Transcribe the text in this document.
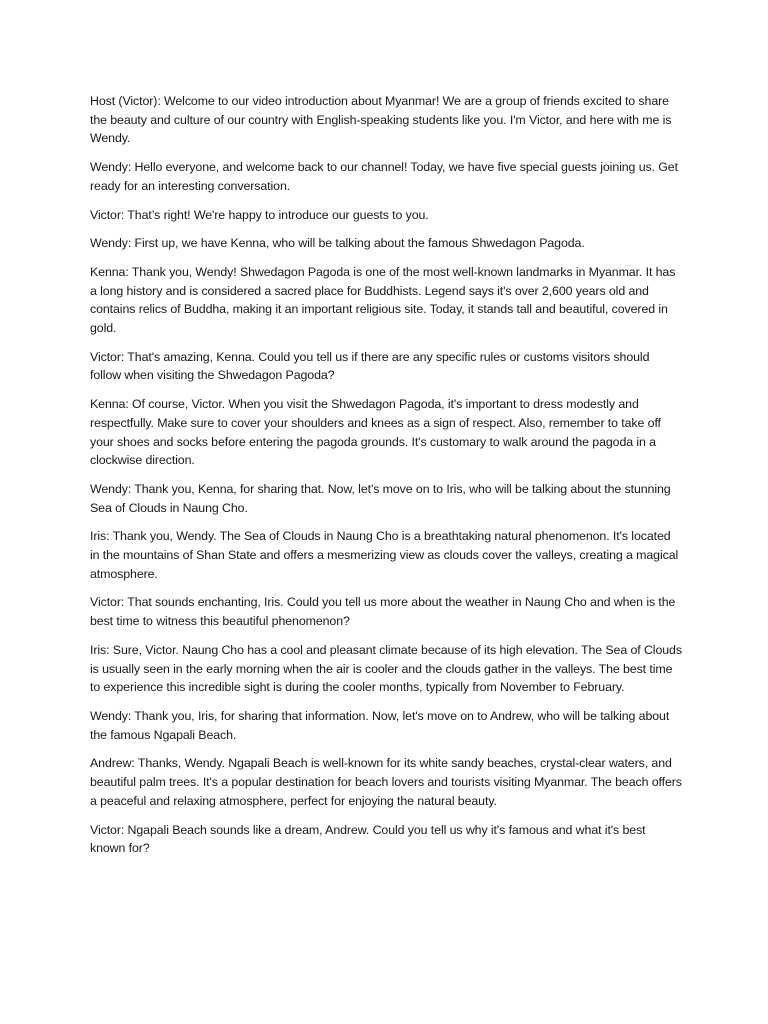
Host (Victor): Welcome to our video introduction about Myanmar! We are a group of friends excited to share the beauty and culture of our country with English-speaking students like you. I'm Victor, and here with me is Wendy.

Wendy: Hello everyone, and welcome back to our channel! Today, we have five special guests joining us. Get ready for an interesting conversation.

Victor: That’s right! We're happy to introduce our guests to you.

Wendy: First up, we have Kenna, who will be talking about the famous Shwedagon Pagoda.

Kenna: Thank you, Wendy! Shwedagon Pagoda is one of the most well-known landmarks in Myanmar. It has a long history and is considered a sacred place for Buddhists. Legend says it's over 2,600 years old and contains relics of Buddha, making it an important religious site. Today, it stands tall and beautiful, covered in gold.

Victor: That's amazing, Kenna. Could you tell us if there are any specific rules or customs visitors should follow when visiting the Shwedagon Pagoda?

Kenna: Of course, Victor. When you visit the Shwedagon Pagoda, it's important to dress modestly and respectfully. Make sure to cover your shoulders and knees as a sign of respect. Also, remember to take off your shoes and socks before entering the pagoda grounds. It's customary to walk around the pagoda in a clockwise direction.

Wendy: Thank you, Kenna, for sharing that. Now, let's move on to Iris, who will be talking about the stunning Sea of Clouds in Naung Cho.

Iris: Thank you, Wendy. The Sea of Clouds in Naung Cho is a breathtaking natural phenomenon. It's located in the mountains of Shan State and offers a mesmerizing view as clouds cover the valleys, creating a magical atmosphere.

Victor: That sounds enchanting, Iris. Could you tell us more about the weather in Naung Cho and when is the best time to witness this beautiful phenomenon?

Iris: Sure, Victor. Naung Cho has a cool and pleasant climate because of its high elevation. The Sea of Clouds is usually seen in the early morning when the air is cooler and the clouds gather in the valleys. The best time to experience this incredible sight is during the cooler months, typically from November to February.

Wendy: Thank you, Iris, for sharing that information. Now, let's move on to Andrew, who will be talking about the famous Ngapali Beach.

Andrew: Thanks, Wendy. Ngapali Beach is well-known for its white sandy beaches, crystal-clear waters, and beautiful palm trees. It's a popular destination for beach lovers and tourists visiting Myanmar. The beach offers a peaceful and relaxing atmosphere, perfect for enjoying the natural beauty.

Victor: Ngapali Beach sounds like a dream, Andrew. Could you tell us why it's famous and what it's best known for?
